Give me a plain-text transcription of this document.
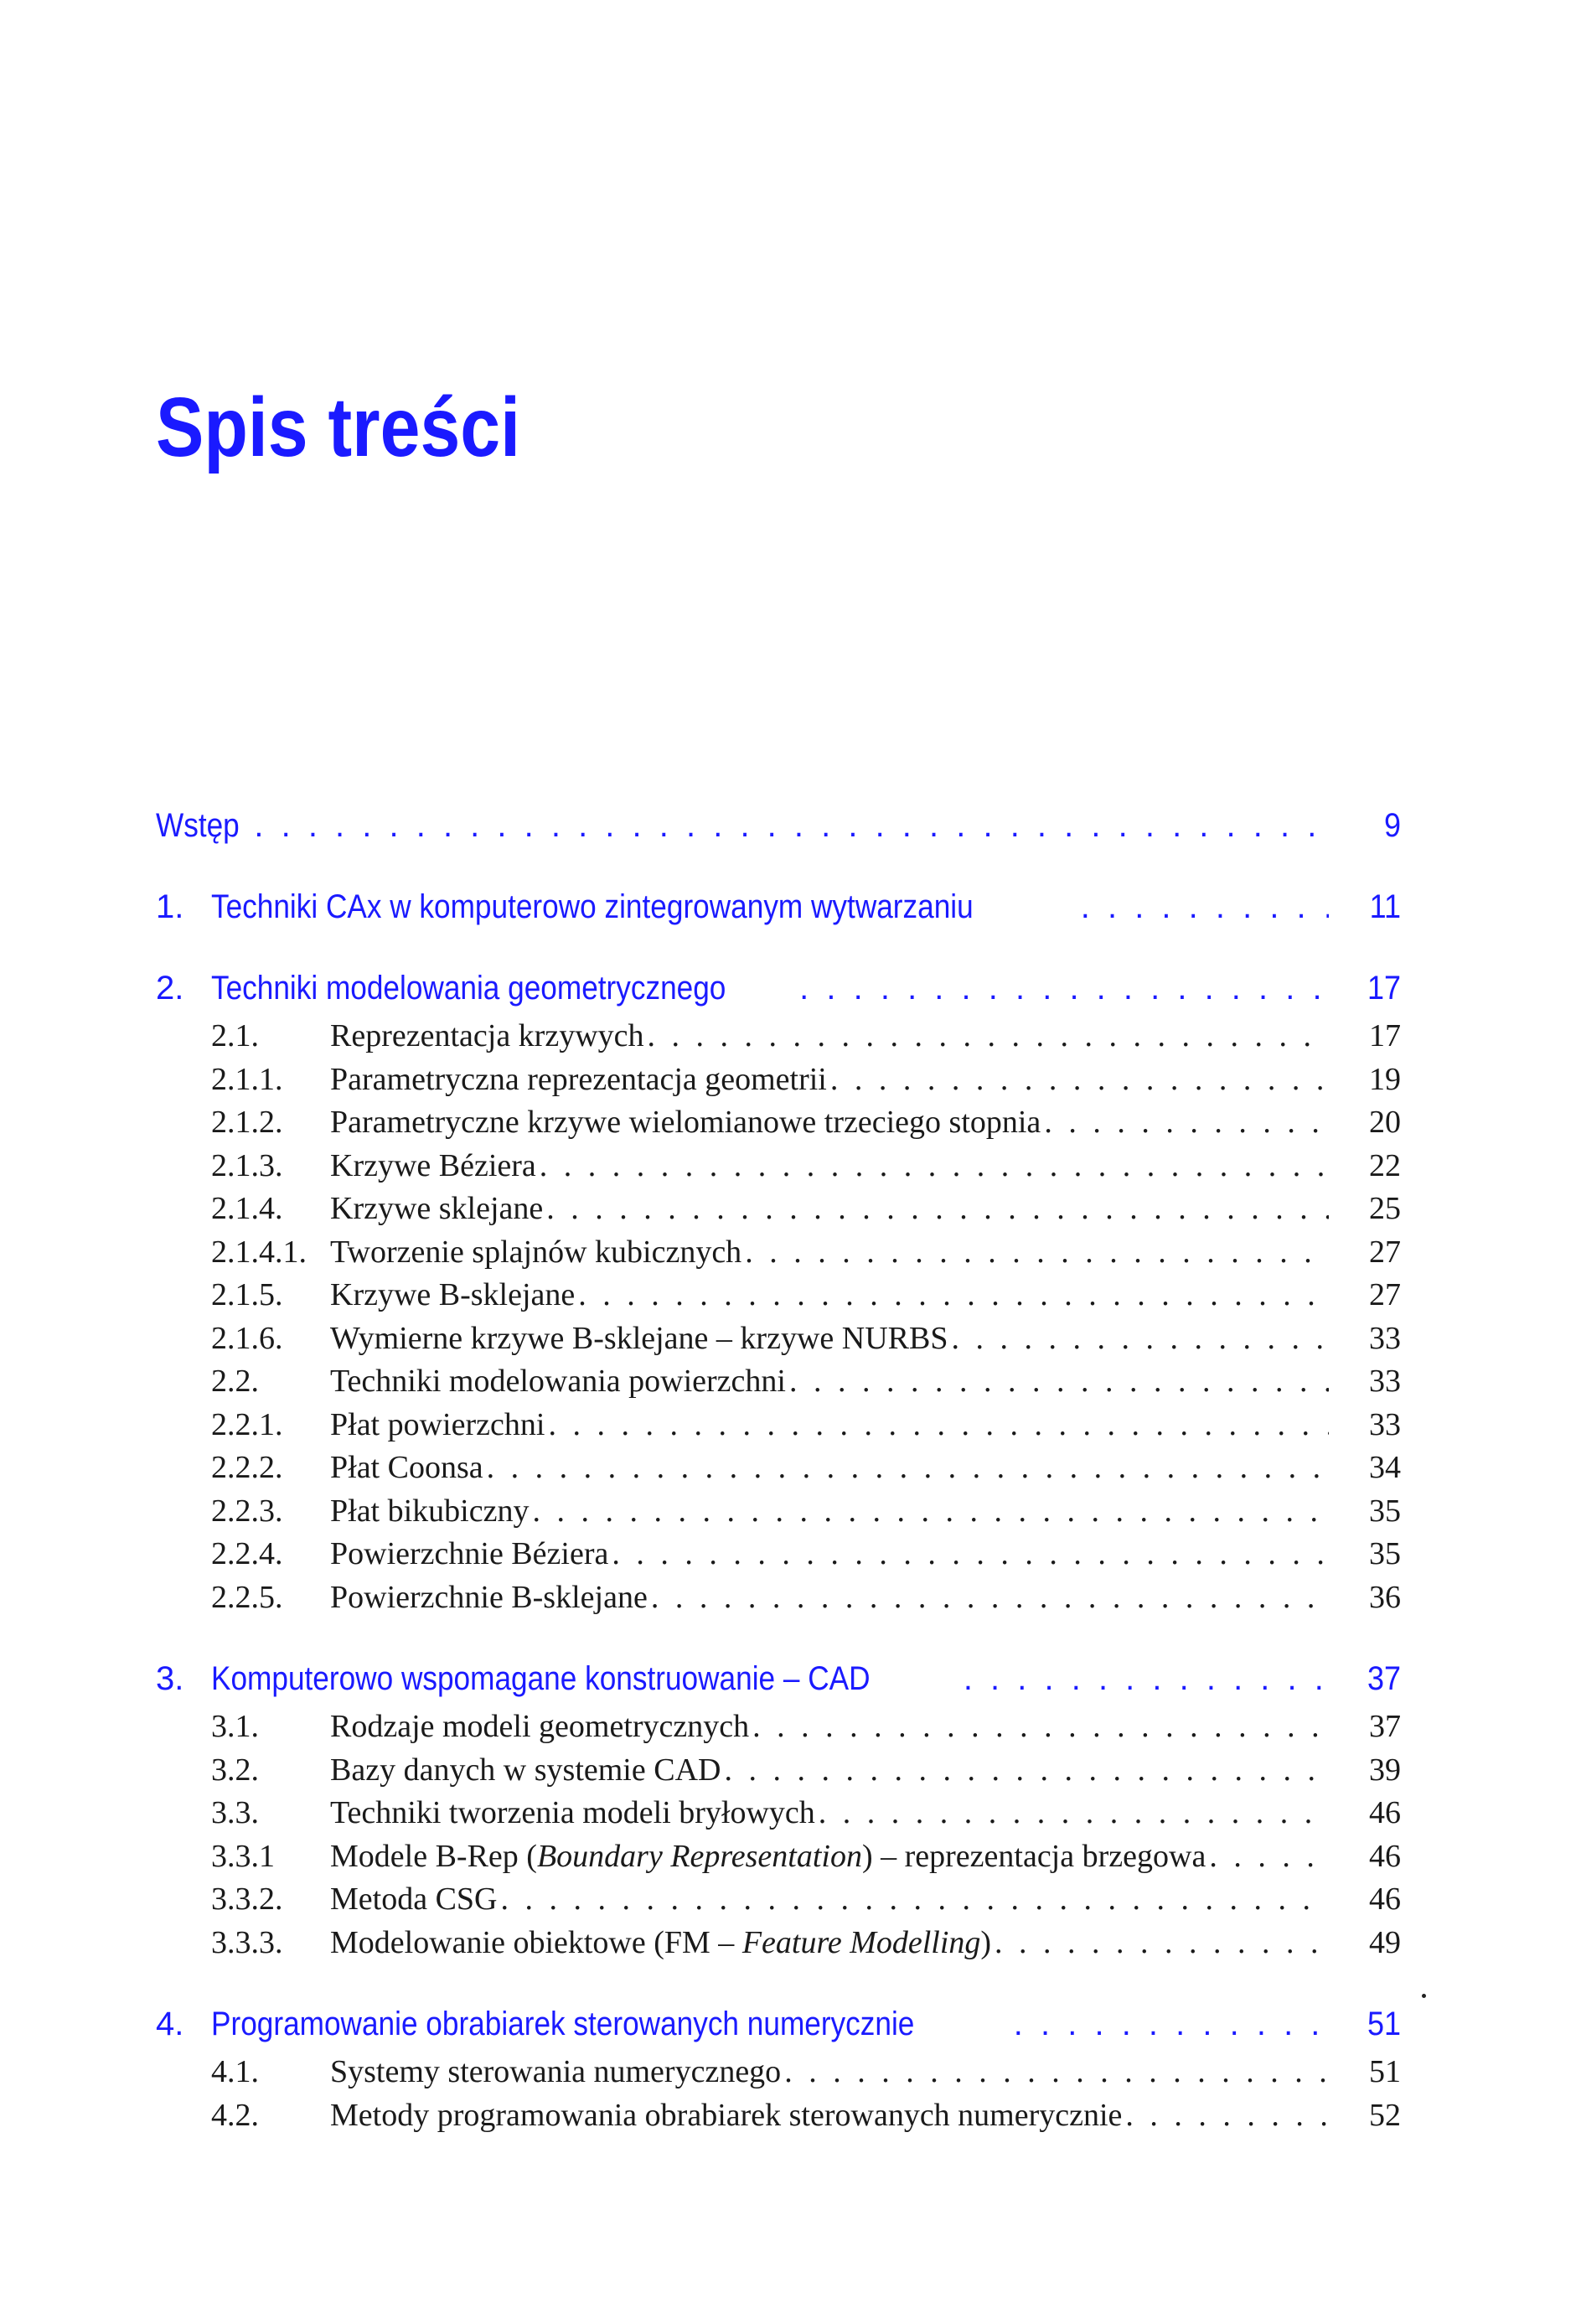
Spis treści
Wstęp . . .	9
1. Techniki CAx w komputerowo zintegrowanym wytwarzaniu . . .	11
2. Techniki modelowania geometrycznego . . .	17
2.1.	Reprezentacja krzywych . . .	17
2.1.1.	Parametryczna reprezentacja geometrii . . .	19
2.1.2.	Parametryczne krzywe wielomianowe trzeciego stopnia . . .	20
2.1.3.	Krzywe Béziera . . .	22
2.1.4.	Krzywe sklejane . . .	25
2.1.4.1. Tworzenie splajnów kubicznych . . .	27
2.1.5.	Krzywe B-sklejane . . .	27
2.1.6.	Wymierne krzywe B-sklejane – krzywe NURBS . . .	33
2.2.	Techniki modelowania powierzchni . . .	33
2.2.1.	Płat powierzchni . . .	33
2.2.2.	Płat Coonsa . . .	34
2.2.3.	Płat bikubiczny . . .	35
2.2.4.	Powierzchnie Béziera . . .	35
2.2.5.	Powierzchnie B-sklejane . . .	36
3. Komputerowo wspomagane konstruowanie – CAD . . .	37
3.1.	Rodzaje modeli geometrycznych . . .	37
3.2.	Bazy danych w systemie CAD . . .	39
3.3.	Techniki tworzenia modeli bryłowych . . .	46
3.3.1	Modele B-Rep (Boundary Representation) – reprezentacja brzegowa . . .	46
3.3.2.	Metoda CSG . . .	46
3.3.3.	Modelowanie obiektowe (FM – Feature Modelling) . . .	49
4. Programowanie obrabiarek sterowanych numerycznie . . .	51
4.1.	Systemy sterowania numerycznego . . .	51
4.2.	Metody programowania obrabiarek sterowanych numerycznie . . .	52
